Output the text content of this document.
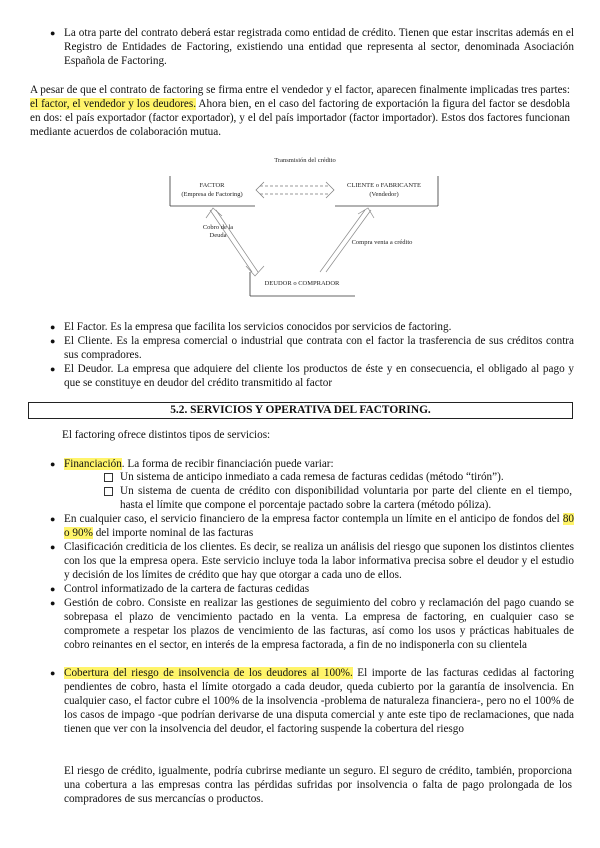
● La otra parte del contrato deberá estar registrada como entidad de crédito. Tienen que estar inscritas además en el Registro de Entidades de Factoring, existiendo una entidad que representa al sector, denominada Asociación Española de Factoring.
A pesar de que el contrato de factoring se firma entre el vendedor y el factor, aparecen finalmente implicadas tres partes: el factor, el vendedor y los deudores. Ahora bien, en el caso del factoring de exportación la figura del factor se desdobla en dos: el país exportador (factor exportador), y el del país importador (factor importador). Estos dos factores funcionan mediante acuerdos de colaboración mutua.
Transmisión del crédito
FACTOR
(Empresa de Factoring)
CLIENTE o FABRICANTE
(Vendedor)
Cobro de la
Deuda
Compra venta a crédito
DEUDOR o COMPRADOR
● El Factor. Es la empresa que facilita los servicios conocidos por servicios de factoring.
● El Cliente. Es la empresa comercial o industrial que contrata con el factor la trasferencia de sus créditos contra sus compradores.
● El Deudor. La empresa que adquiere del cliente los productos de éste y en consecuencia, el obligado al pago y que se constituye en deudor del crédito transmitido al factor
5.2. SERVICIOS Y OPERATIVA DEL FACTORING.
El factoring ofrece distintos tipos de servicios:
● Financiación. La forma de recibir financiación puede variar:
Un sistema de anticipo inmediato a cada remesa de facturas cedidas (método “tirón”).
Un sistema de cuenta de crédito con disponibilidad voluntaria por parte del cliente en el tiempo, hasta el límite que compone el porcentaje pactado sobre la cartera (método póliza).
● En cualquier caso, el servicio financiero de la empresa factor contempla un límite en el anticipo de fondos del 80 o 90% del importe nominal de las facturas
● Clasificación crediticia de los clientes. Es decir, se realiza un análisis del riesgo que suponen los distintos clientes con los que la empresa opera. Este servicio incluye toda la labor informativa precisa sobre el deudor y el estudio y decisión de los límites de crédito que hay que otorgar a cada uno de ellos.
● Control informatizado de la cartera de facturas cedidas
● Gestión de cobro. Consiste en realizar las gestiones de seguimiento del cobro y reclamación del pago cuando se sobrepasa el plazo de vencimiento pactado en la venta. La empresa de factoring, en cualquier caso se compromete a respetar los plazos de vencimiento de las facturas, así como los usos y prácticas habituales de cobro reinantes en el sector, en interés de la empresa factorada, a fin de no indisponerla con su clientela
● Cobertura del riesgo de insolvencia de los deudores al 100%. El importe de las facturas cedidas al factoring pendientes de cobro, hasta el límite otorgado a cada deudor, queda cubierto por la garantía de insolvencia. En cualquier caso, el factor cubre el 100% de la insolvencia -problema de naturaleza financiera-, pero no el 100% de los casos de impago -que podrían derivarse de una disputa comercial y ante este tipo de reclamaciones, que nada tienen que ver con la insolvencia del deudor, el factoring suspende la cobertura del riesgo
El riesgo de crédito, igualmente, podría cubrirse mediante un seguro. El seguro de crédito, también, proporciona una cobertura a las empresas contra las pérdidas sufridas por insolvencia o falta de pago prolongada de los compradores de sus mercancías o productos.
